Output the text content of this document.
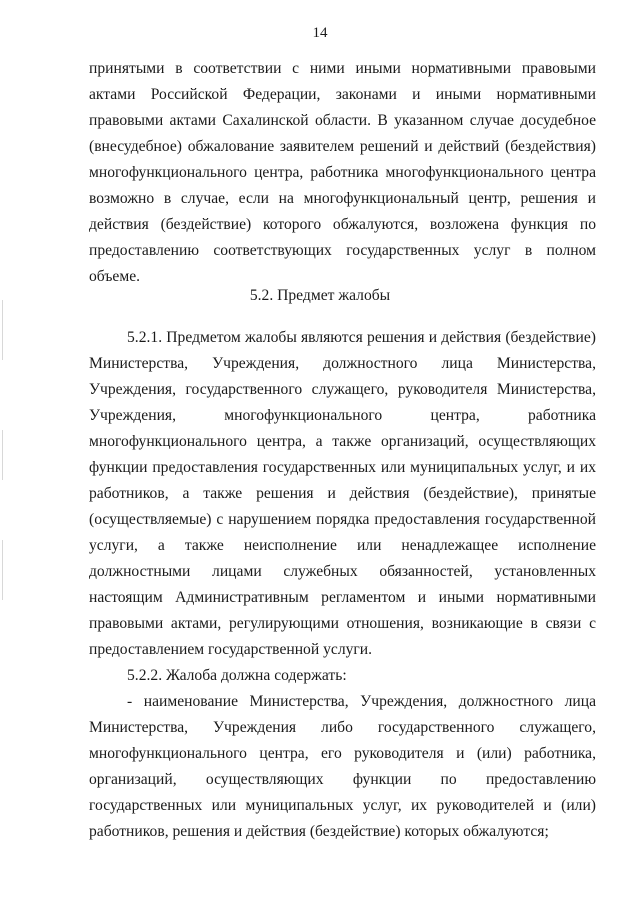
14

принятыми в соответствии с ними иными нормативными правовыми актами Российской Федерации, законами и иными нормативными правовыми актами Сахалинской области. В указанном случае досудебное (внесудебное) обжалование заявителем решений и действий (бездействия) многофункционального центра, работника многофункционального центра возможно в случае, если на многофункциональный центр, решения и действия (бездействие) которого обжалуются, возложена функция по предоставлению соответствующих государственных услуг в полном объеме.

5.2. Предмет жалобы

5.2.1. Предметом жалобы являются решения и действия (бездействие) Министерства, Учреждения, должностного лица Министерства, Учреждения, государственного служащего, руководителя Министерства, Учреждения, многофункционального центра, работника многофункционального центра, а также организаций, осуществляющих функции предоставления государственных или муниципальных услуг, и их работников, а также решения и действия (бездействие), принятые (осуществляемые) с нарушением порядка предоставления государственной услуги, а также неисполнение или ненадлежащее исполнение должностными лицами служебных обязанностей, установленных настоящим Административным регламентом и иными нормативными правовыми актами, регулирующими отношения, возникающие в связи с предоставлением государственной услуги.

5.2.2. Жалоба должна содержать:

- наименование Министерства, Учреждения, должностного лица Министерства, Учреждения либо государственного служащего, многофункционального центра, его руководителя и (или) работника, организаций, осуществляющих функции по предоставлению государственных или муниципальных услуг, их руководителей и (или) работников, решения и действия (бездействие) которых обжалуются;
